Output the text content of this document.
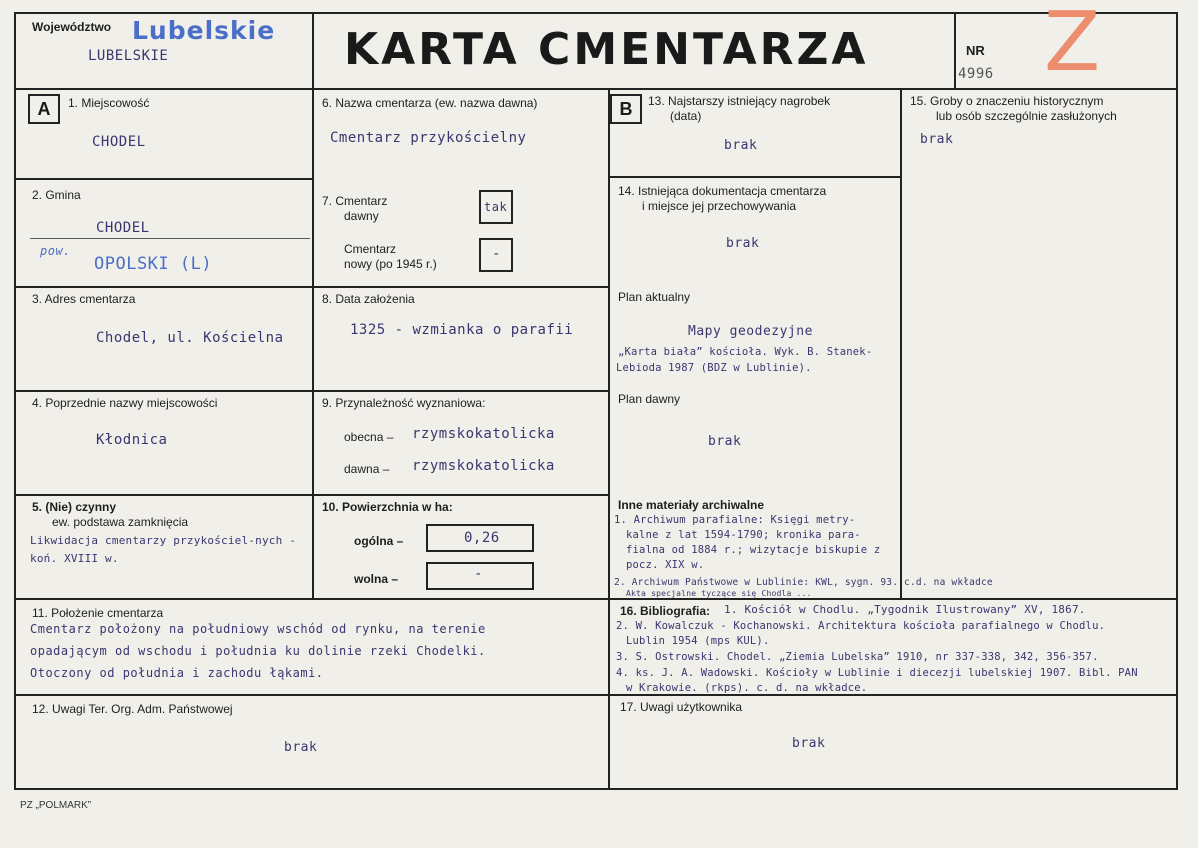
Województwo Lubelskie
LUBELSKIE	KARTA CMENTARZA	NR
4996 Z
A	B
1. Miejscowość
CHODEL
2. Gmina
CHODEL
pow.
OPOLSKI (L)
3. Adres cmentarza
Chodel, ul. Kościelna
4. Poprzednie nazwy miejscowości
Kłodnica
5. (Nie) czynny
ew. podstawa zamknięcia
Likwidacja cmentarzy przykościel-nych - koń. XVIII w.
6. Nazwa cmentarza (ew. nazwa dawna)
Cmentarz przykościelny
7. Cmentarz
dawny
tak
Cmentarz
nowy (po 1945 r.)
-
8. Data założenia
1325 - wzmianka o parafii
9. Przynależność wyznaniowa:
obecna – rzymskokatolicka
dawna – rzymskokatolicka
10. Powierzchnia w ha:
ogólna –	0,26
wolna –	-
11. Położenie cmentarza
Cmentarz położony na południowy wschód od rynku, na terenie
opadającym od wschodu i południa ku dolinie rzeki Chodelki.
Otoczony od południa i zachodu łąkami.
12. Uwagi Ter. Org. Adm. Państwowej
brak
13. Najstarszy istniejący nagrobek
(data)
brak
14. Istniejąca dokumentacja cmentarza
i miejsce jej przechowywania
brak
Plan aktualny
Mapy geodezyjne
„Karta biała” kościoła. Wyk. B. Stanek-
Lebioda 1987 (BDZ w Lublinie).
Plan dawny
brak
Inne materiały archiwalne
1. Archiwum parafialne: Księgi metry-
kalne z lat 1594-1790; kronika para-
fialna od 1884 r.; wizytacje biskupie z
pocz. XIX w.
2. Archiwum Państwowe w Lublinie: KWL, sygn. 93. c.d. na wkładce
Akta specjalne tyczące się Chodla ...
15. Groby o znaczeniu historycznym
lub osób szczególnie zasłużonych
brak
16. Bibliografia: 1. Kościół w Chodlu. „Tygodnik Ilustrowany” XV, 1867.
2. W. Kowalczuk - Kochanowski. Architektura kościoła parafialnego w Chodlu.
Lublin 1954 (mps KUL).
3. S. Ostrowski. Chodel. „Ziemia Lubelska” 1910, nr 337-338, 342, 356-357.
4. ks. J. A. Wadowski. Kościoły w Lublinie i diecezji lubelskiej 1907. Bibl. PAN
w Krakowie. (rkps). c. d. na wkładce.
17. Uwagi użytkownika
brak
PZ „POLMARK”
